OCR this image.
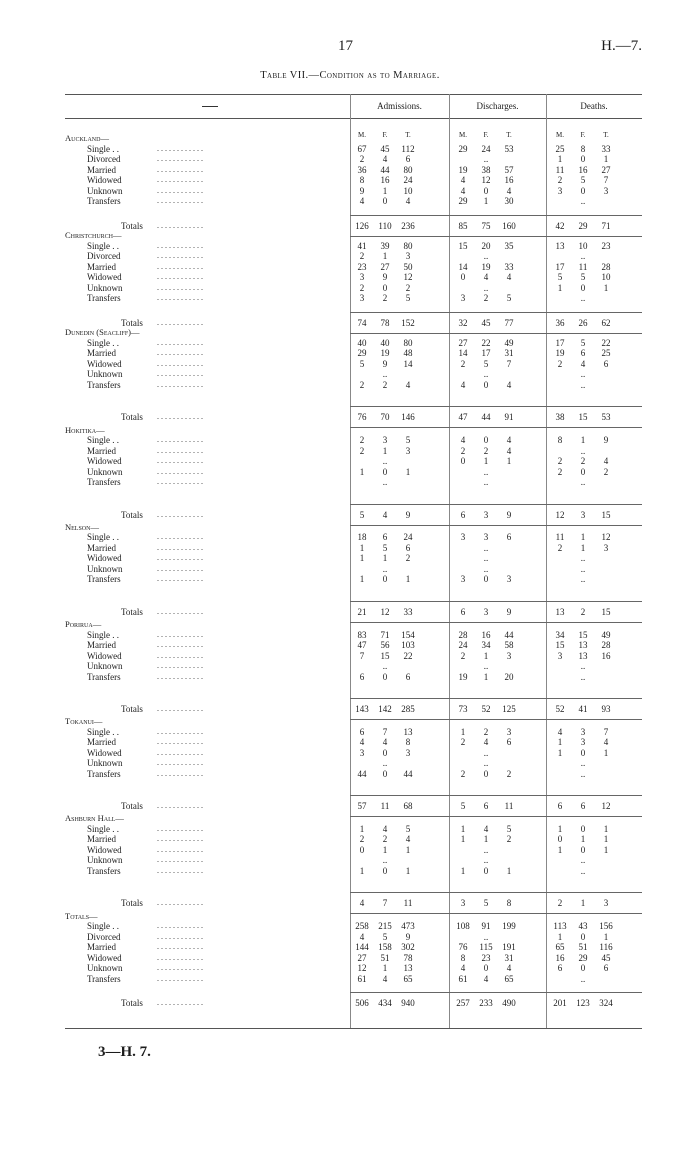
17	H.—7.
Table VII.—Condition as to Marriage.
Admissions.	Discharges.	Deaths.
M.	F.	T.	M.	F.	T.	M.	F.	T.
Auckland—
Single . .	. . . . . . . . . . . .	67	45	112	29	24	53	25	8	33
Divorced	. . . . . . . . . . . .	2	4	6	..	1	0	1
Married	. . . . . . . . . . . .	36	44	80	19	38	57	11	16	27
Widowed	. . . . . . . . . . . .	8	16	24	4	12	16	2	5	7
Unknown	. . . . . . . . . . . .	9	1	10	4	0	4	3	0	3
Transfers	. . . . . . . . . . . .	4	0	4	29	1	30	..
Totals . . . . . . . . . . . .	126	110	236	85	75	160	42	29	71
Christchurch—
Single . .	. . . . . . . . . . . .	41	39	80	15	20	35	13	10	23
Divorced	. . . . . . . . . . . .	2	1	3	..	..
Married	. . . . . . . . . . . .	23	27	50	14	19	33	17	11	28
Widowed	. . . . . . . . . . . .	3	9	12	0	4	4	5	5	10
Unknown	. . . . . . . . . . . .	2	0	2	..	1	0	1
Transfers	. . . . . . . . . . . .	3	2	5	3	2	5	..
Totals . . . . . . . . . . . .	74	78	152	32	45	77	36	26	62
Dunedin (Seacliff)—
Single . .	. . . . . . . . . . . .	40	40	80	27	22	49	17	5	22
Married	. . . . . . . . . . . .	29	19	48	14	17	31	19	6	25
Widowed	. . . . . . . . . . . .	5	9	14	2	5	7	2	4	6
Unknown	. . . . . . . . . . . .	..	..	..
Transfers	. . . . . . . . . . . .	2	2	4	4	0	4	..
Totals . . . . . . . . . . . .	76	70	146	47	44	91	38	15	53
Hokitika—
Single . .	. . . . . . . . . . . .	2	3	5	4	0	4	8	1	9
Married	. . . . . . . . . . . .	2	1	3	2	2	4	..
Widowed	. . . . . . . . . . . .	..	0	1	1	2	2	4
Unknown	. . . . . . . . . . . .	1	0	1	..	2	0	2
Transfers	. . . . . . . . . . . .	..	..	..
Totals . . . . . . . . . . . .	5	4	9	6	3	9	12	3	15
Nelson—
Single . .	. . . . . . . . . . . .	18	6	24	3	3	6	11	1	12
Married	. . . . . . . . . . . .	1	5	6	..	2	1	3
Widowed	. . . . . . . . . . . .	1	1	2	..	..
Unknown	. . . . . . . . . . . .	..	..	..
Transfers	. . . . . . . . . . . .	1	0	1	3	0	3	..
Totals . . . . . . . . . . . .	21	12	33	6	3	9	13	2	15
Porirua—
Single . .	. . . . . . . . . . . .	83	71	154	28	16	44	34	15	49
Married	. . . . . . . . . . . .	47	56	103	24	34	58	15	13	28
Widowed	. . . . . . . . . . . .	7	15	22	2	1	3	3	13	16
Unknown	. . . . . . . . . . . .	..	..	..
Transfers	. . . . . . . . . . . .	6	0	6	19	1	20	..
Totals . . . . . . . . . . . .	143	142	285	73	52	125	52	41	93
Tokanui—
Single . .	. . . . . . . . . . . .	6	7	13	1	2	3	4	3	7
Married	. . . . . . . . . . . .	4	4	8	2	4	6	1	3	4
Widowed	. . . . . . . . . . . .	3	0	3	..	1	0	1
Unknown	. . . . . . . . . . . .	..	..	..
Transfers	. . . . . . . . . . . .	44	0	44	2	0	2	..
Totals . . . . . . . . . . . .	57	11	68	5	6	11	6	6	12
Ashburn Hall—
Single . .	. . . . . . . . . . . .	1	4	5	1	4	5	1	0	1
Married	. . . . . . . . . . . .	2	2	4	1	1	2	0	1	1
Widowed	. . . . . . . . . . . .	0	1	1	..	1	0	1
Unknown	. . . . . . . . . . . .	..	..	..
Transfers	. . . . . . . . . . . .	1	0	1	1	0	1	..
Totals . . . . . . . . . . . .	4	7	11	3	5	8	2	1	3
Totals—
Single . .	. . . . . . . . . . . .	258	215	473	108	91	199	113	43	156
Divorced	. . . . . . . . . . . .	4	5	9	..	1	0	1
Married	. . . . . . . . . . . .	144	158	302	76	115	191	65	51	116
Widowed	. . . . . . . . . . . .	27	51	78	8	23	31	16	29	45
Unknown	. . . . . . . . . . . .	12	1	13	4	0	4	6	0	6
Transfers	. . . . . . . . . . . .	61	4	65	61	4	65	..
Totals . . . . . . . . . . . .	506	434	940	257	233	490	201	123	324
3—H. 7.
